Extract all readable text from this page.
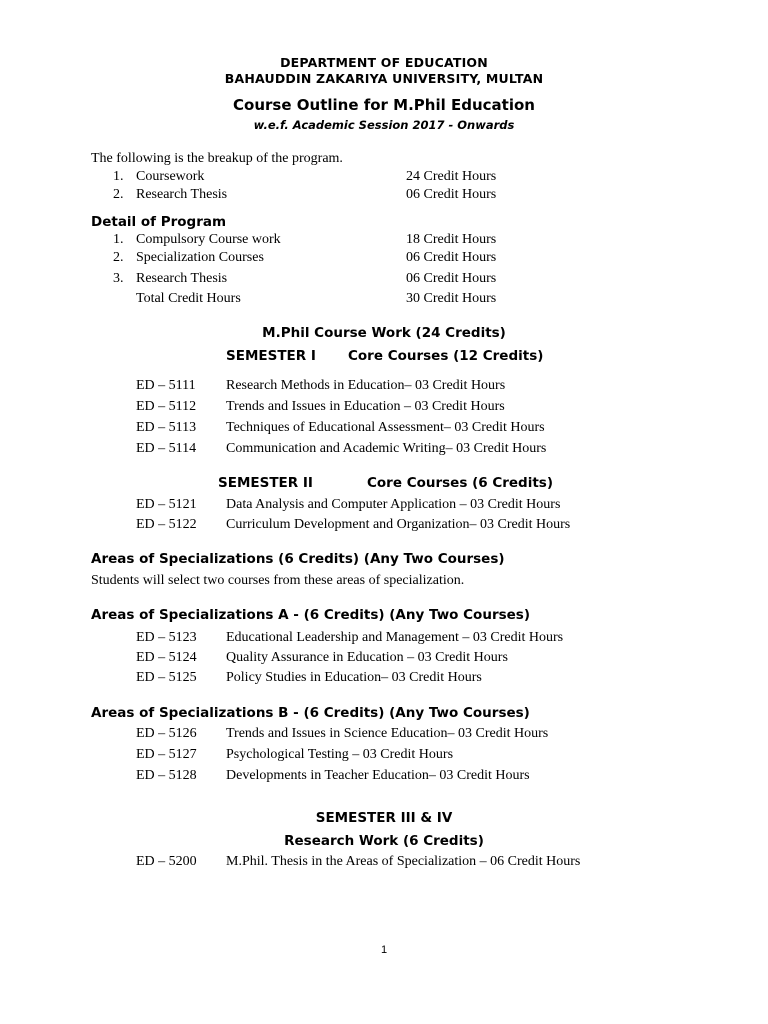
DEPARTMENT OF EDUCATION
BAHAUDDIN ZAKARIYA UNIVERSITY, MULTAN
Course Outline for M.Phil Education
w.e.f. Academic Session 2017 - Onwards
The following is the breakup of the program.
1. Coursework	24 Credit Hours
2. Research Thesis	06 Credit Hours
Detail of Program
1. Compulsory Course work	18 Credit Hours
2. Specialization Courses	06 Credit Hours
3. Research Thesis	06 Credit Hours
Total Credit Hours	30 Credit Hours
M.Phil Course Work (24 Credits)
SEMESTER I Core Courses (12 Credits)
ED – 5111 Research Methods in Education– 03 Credit Hours
ED – 5112 Trends and Issues in Education – 03 Credit Hours
ED – 5113 Techniques of Educational Assessment– 03 Credit Hours
ED – 5114 Communication and Academic Writing– 03 Credit Hours
SEMESTER II	Core Courses (6 Credits)
ED – 5121 Data Analysis and Computer Application – 03 Credit Hours
ED – 5122 Curriculum Development and Organization– 03 Credit Hours
Areas of Specializations (6 Credits) (Any Two Courses)
Students will select two courses from these areas of specialization.
Areas of Specializations A - (6 Credits) (Any Two Courses)
ED – 5123 Educational Leadership and Management – 03 Credit Hours
ED – 5124 Quality Assurance in Education – 03 Credit Hours
ED – 5125 Policy Studies in Education– 03 Credit Hours
Areas of Specializations B - (6 Credits) (Any Two Courses)
ED – 5126 Trends and Issues in Science Education– 03 Credit Hours
ED – 5127 Psychological Testing – 03 Credit Hours
ED – 5128 Developments in Teacher Education– 03 Credit Hours
SEMESTER III & IV
Research Work (6 Credits)
ED – 5200 M.Phil. Thesis in the Areas of Specialization – 06 Credit Hours
1
